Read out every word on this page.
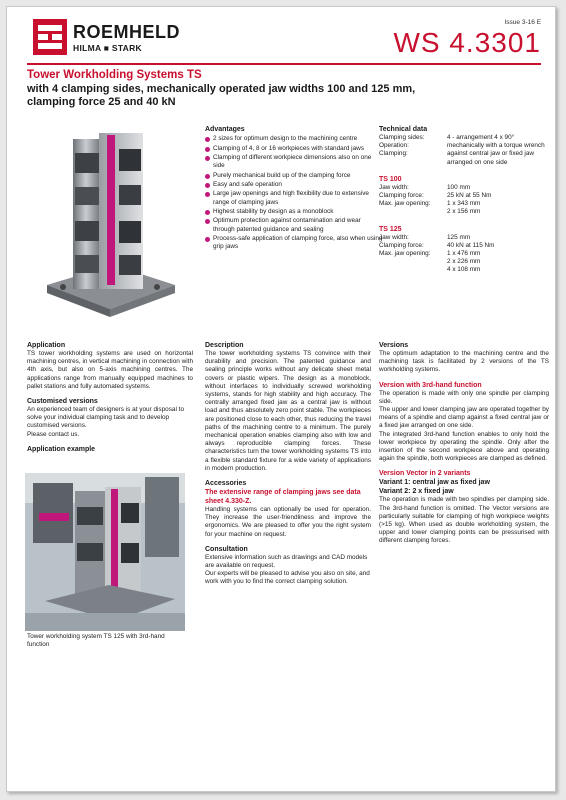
ROEMHELD
HILMA ■ STARK
Issue 3-16 E
WS 4.3301
Tower Workholding Systems TS
with 4 clamping sides, mechanically operated jaw widths 100 and 125 mm, clamping force 25 and 40 kN
Advantages
2 sizes for optimum design to the machining centre
Clamping of 4, 8 or 16 workpieces with standard jaws
Clamping of different workpiece dimensions also on one side
Purely mechanical build up of the clamping force
Easy and safe operation
Large jaw openings and high flexibility due to extensive range of clamping jaws
Highest stability by design as a monoblock
Optimum protection against contamination and wear through patented guidance and sealing
Process-safe application of clamping force, also when using grip jaws
Technical data
Clamping sides:	4 - arrangement 4 x 90°
Operation:	mechanically with a torque wrench
Clamping:	against central jaw or fixed jaw arranged on one side
TS 100
Jaw width:	100 mm
Clamping force:	25 kN at 55 Nm
Max. jaw opening:	1 x 343 mm
	2 x 156 mm
TS 125
Jaw width:	125 mm
Clamping force:	40 kN at 115 Nm
Max. jaw opening:	1 x 476 mm
	2 x 226 mm
	4 x 108 mm
Application

TS tower workholding systems are used on horizontal machining centres, in vertical machining in connection with 4th axis, but also on 5-axis machining centres. The applications range from manually equipped machines to pallet stations and fully automated systems.

Customised versions

An experienced team of designers is at your disposal to solve your individual clamping task and to develop customised versions.

Please contact us.

Application example
Tower workholding system TS 125 with 3rd-hand function
Description

The tower workholding systems TS convince with their durability and precision. The patented guidance and sealing principle works without any delicate sheet metal covers or plastic wipers. The design as a monoblock, without interfaces to individually screwed workholding systems, stands for high stability and high accuracy. The centrally arranged fixed jaw as a central jaw is without load and thus absolutely zero point stable. The workpieces are positioned close to each other, thus reducing the travel paths of the machining centre to a minimum. The purely mechanical operation enables clamping also with low and always reproducible clamping forces. These characteristics turn the tower workholding systems TS into a flexible standard fixture for a wide variety of applications in modern production.

Accessories

The extensive range of clamping jaws see data sheet 4.330-Z.

Handling systems can optionally be used for operation. They increase the user-friendliness and improve the ergonomics. We are pleased to offer you the right system for your machine on request.

Consultation

Extensive information such as drawings and CAD models are available on request.

Our experts will be pleased to advise you also on site, and work with you to find the correct clamping solution.

Versions

The optimum adaptation to the machining centre and the machining task is facilitated by 2 versions of the TS workholding systems.

Version with 3rd-hand function

The operation is made with only one spindle per clamping side.

The upper and lower clamping jaw are operated together by means of a spindle and clamp against a fixed central jaw or a fixed jaw arranged on one side.

The integrated 3rd-hand function enables to only hold the lower workpiece by operating the spindle. Only after the insertion of the second workpiece above and operating again the spindle, both workpieces are clamped as defined.

Version Vector in 2 variants
Variant 1: central jaw as fixed jaw
Variant 2: 2 x fixed jaw

The operation is made with two spindles per clamping side. The 3rd-hand function is omitted. The Vector versions are particularly suitable for clamping of high workpiece weights (>15 kg). When used as double workholding system, the upper and lower clamping points can be pressurised with different clamping forces.
